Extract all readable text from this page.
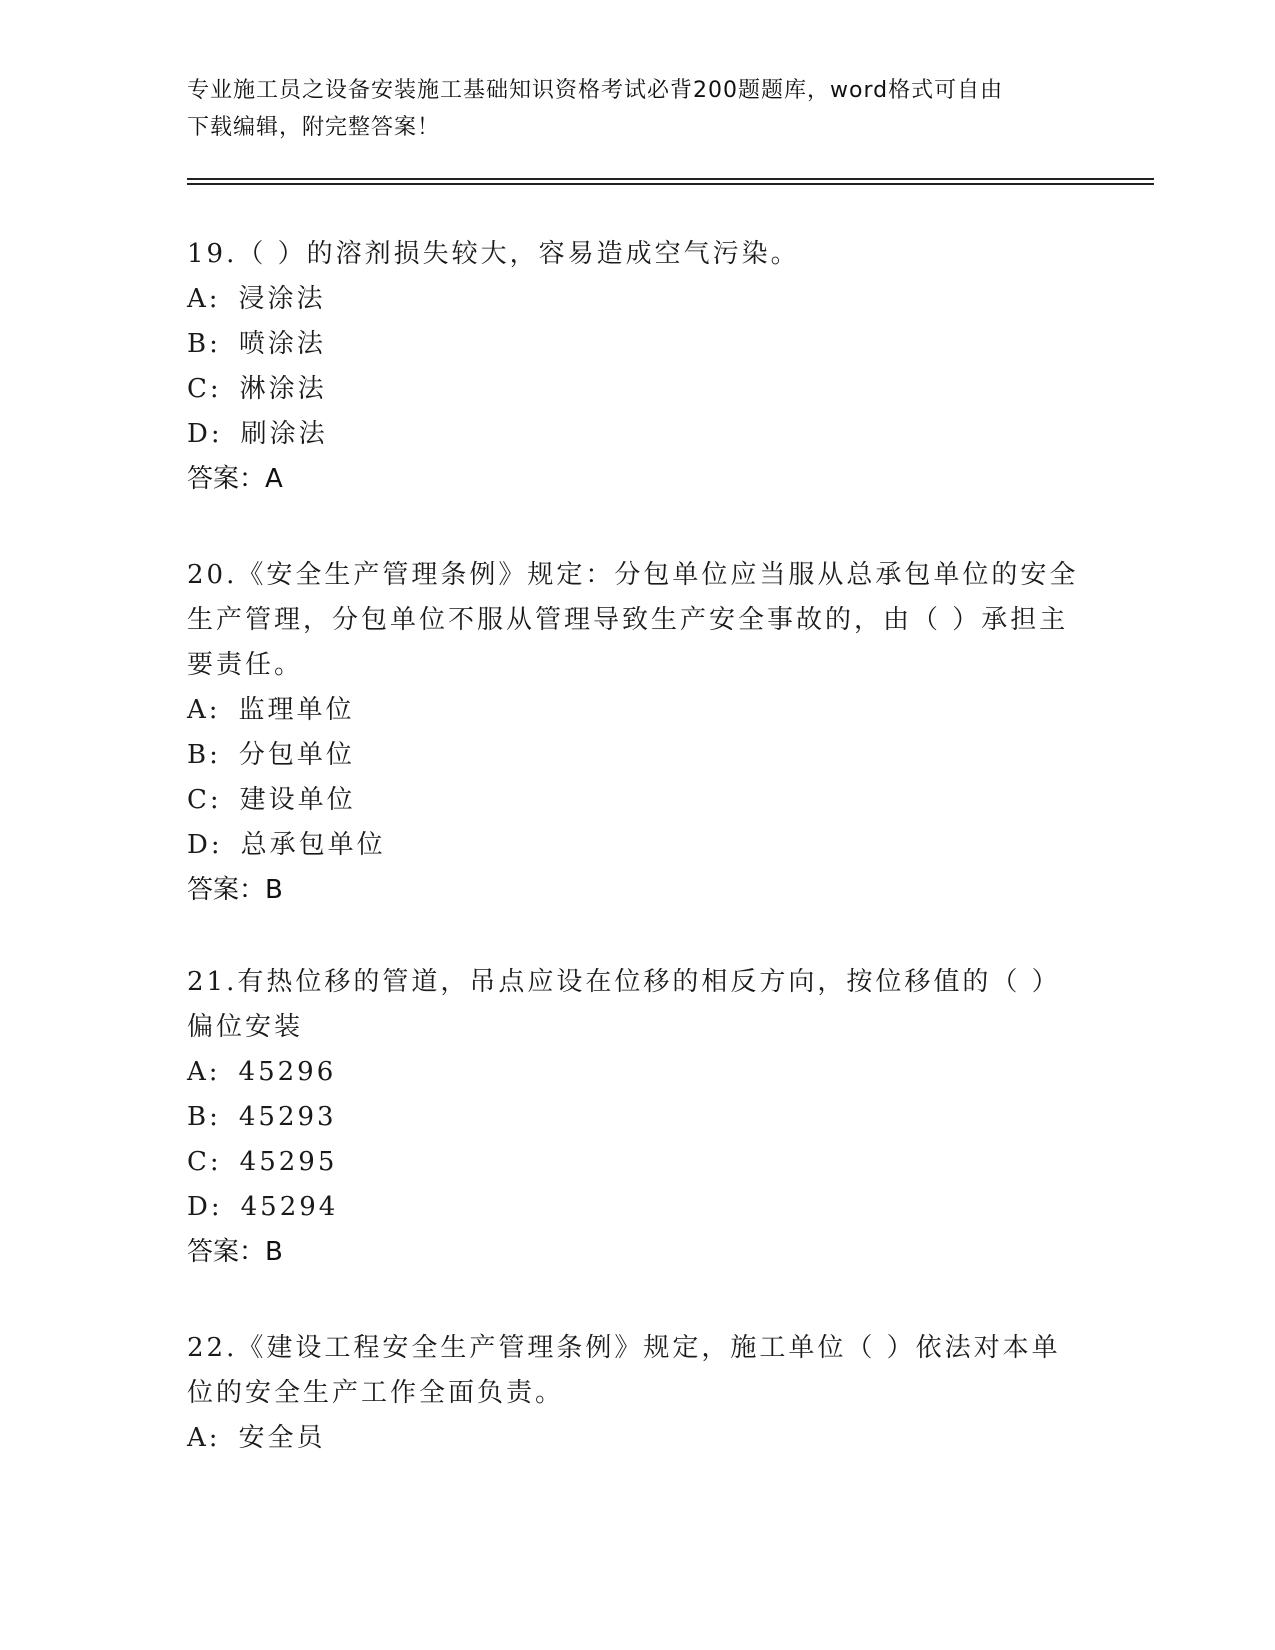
专业施工员之设备安装施工基础知识资格考试必背200题题库，word格式可自由
下载编辑，附完整答案！

19.（ ）的溶剂损失较大，容易造成空气污染。

A: 浸涂法

B: 喷涂法

C: 淋涂法

D: 刷涂法

答案：A

20.《安全生产管理条例》规定：分包单位应当服从总承包单位的安全生产管理，分包单位不服从管理导致生产安全事故的，由（ ）承担主要责任。

A: 监理单位

B: 分包单位

C: 建设单位

D: 总承包单位

答案：B

21.有热位移的管道，吊点应设在位移的相反方向，按位移值的（ ）偏位安装

A: 45296

B: 45293

C: 45295

D: 45294

答案：B

22.《建设工程安全生产管理条例》规定，施工单位（ ）依法对本单位的安全生产工作全面负责。

A: 安全员
